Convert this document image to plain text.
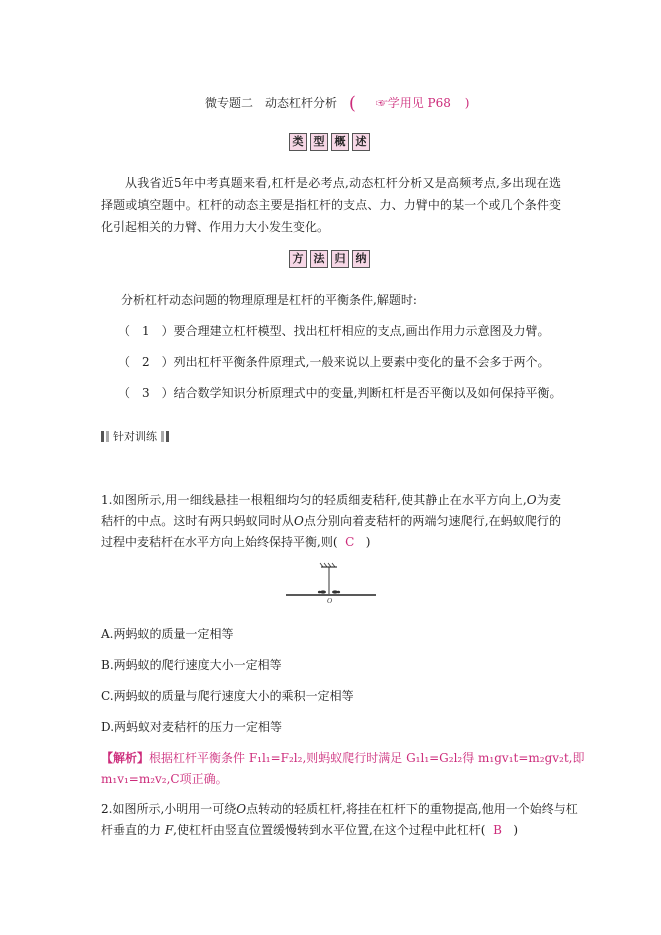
微专题二　动态杠杆分析 ( ☞学用见 P68 )
类 型 概 述
从我省近5年中考真题来看,杠杆是必考点,动态杠杆分析又是高频考点,多出现在选择题或填空题中。杠杆的动态主要是指杠杆的支点、力、力臂中的某一个或几个条件变化引起相关的力臂、作用力大小发生变化。
方 法 归 纳
分析杠杆动态问题的物理原理是杠杆的平衡条件,解题时:
（　1　）要合理建立杠杆模型、找出杠杆相应的支点,画出作用力示意图及力臂。
（　2　）列出杠杆平衡条件原理式,一般来说以上要素中变化的量不会多于两个。
（　3　）结合数学知识分析原理式中的变量,判断杠杆是否平衡以及如何保持平衡。
针对训练
1.如图所示,用一细线悬挂一根粗细均匀的轻质细麦秸秆,使其静止在水平方向上,O为麦秸杆的中点。这时有两只蚂蚁同时从O点分别向着麦秸杆的两端匀速爬行,在蚂蚁爬行的过程中麦秸杆在水平方向上始终保持平衡,则( C )
O
A.两蚂蚁的质量一定相等
B.两蚂蚁的爬行速度大小一定相等
C.两蚂蚁的质量与爬行速度大小的乘积一定相等
D.两蚂蚁对麦秸杆的压力一定相等
【解析】根据杠杆平衡条件 F₁l₁=F₂l₂,则蚂蚁爬行时满足 G₁l₁=G₂l₂得 m₁gv₁t=m₂gv₂t,即
m₁v₁=m₂v₂,C项正确。
2.如图所示,小明用一可绕O点转动的轻质杠杆,将挂在杠杆下的重物提高,他用一个始终与杠
杆垂直的力 F,使杠杆由竖直位置缓慢转到水平位置,在这个过程中此杠杆( B )
